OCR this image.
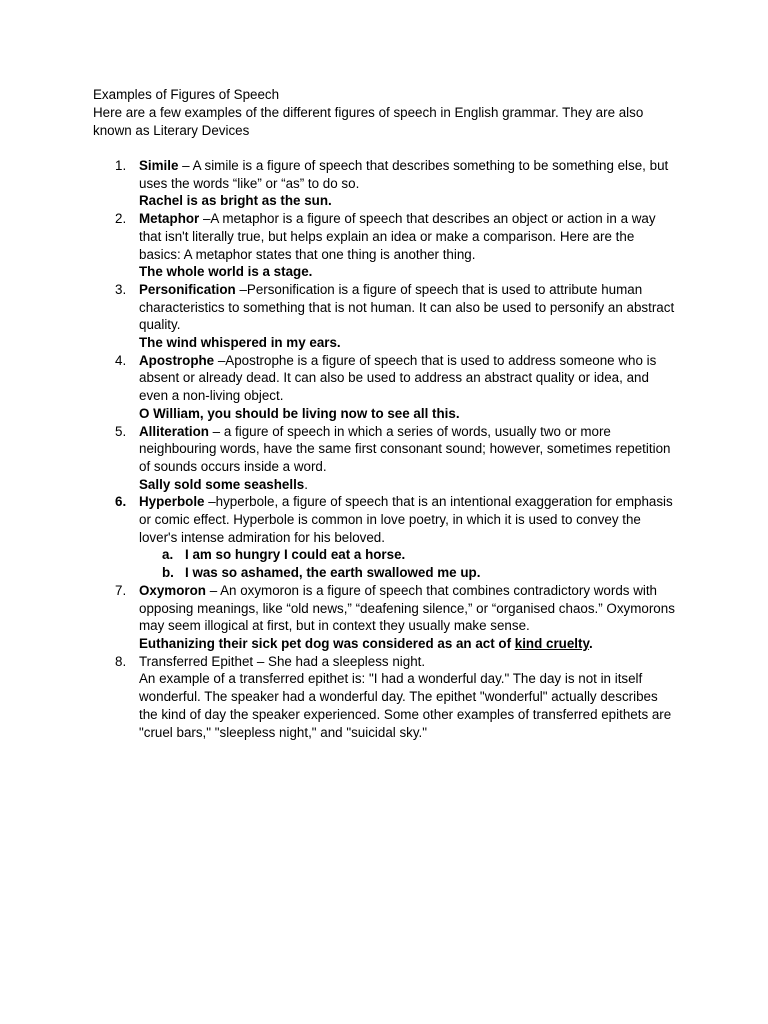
Examples of Figures of Speech
Here are a few examples of the different figures of speech in English grammar. They are also known as Literary Devices
1. Simile – A simile is a figure of speech that describes something to be something else, but uses the words “like” or “as” to do so.
Rachel is as bright as the sun.
2. Metaphor –A metaphor is a figure of speech that describes an object or action in a way that isn't literally true, but helps explain an idea or make a comparison. Here are the basics: A metaphor states that one thing is another thing.
The whole world is a stage.
3. Personification –Personification is a figure of speech that is used to attribute human characteristics to something that is not human. It can also be used to personify an abstract quality.
The wind whispered in my ears.
4. Apostrophe –Apostrophe is a figure of speech that is used to address someone who is absent or already dead. It can also be used to address an abstract quality or idea, and even a non-living object.
O William, you should be living now to see all this.
5. Alliteration – a figure of speech in which a series of words, usually two or more neighbouring words, have the same first consonant sound; however, sometimes repetition of sounds occurs inside a word.
Sally sold some seashells.
6. Hyperbole –hyperbole, a figure of speech that is an intentional exaggeration for emphasis or comic effect. Hyperbole is common in love poetry, in which it is used to convey the lover's intense admiration for his beloved.
a. I am so hungry I could eat a horse.
b. I was so ashamed, the earth swallowed me up.
7. Oxymoron – An oxymoron is a figure of speech that combines contradictory words with opposing meanings, like “old news,” “deafening silence,” or “organised chaos.” Oxymorons may seem illogical at first, but in context they usually make sense.
Euthanizing their sick pet dog was considered as an act of kind cruelty.
8. Transferred Epithet – She had a sleepless night.
An example of a transferred epithet is: "I had a wonderful day." The day is not in itself wonderful. The speaker had a wonderful day. The epithet "wonderful" actually describes the kind of day the speaker experienced. Some other examples of transferred epithets are "cruel bars," "sleepless night," and "suicidal sky."
